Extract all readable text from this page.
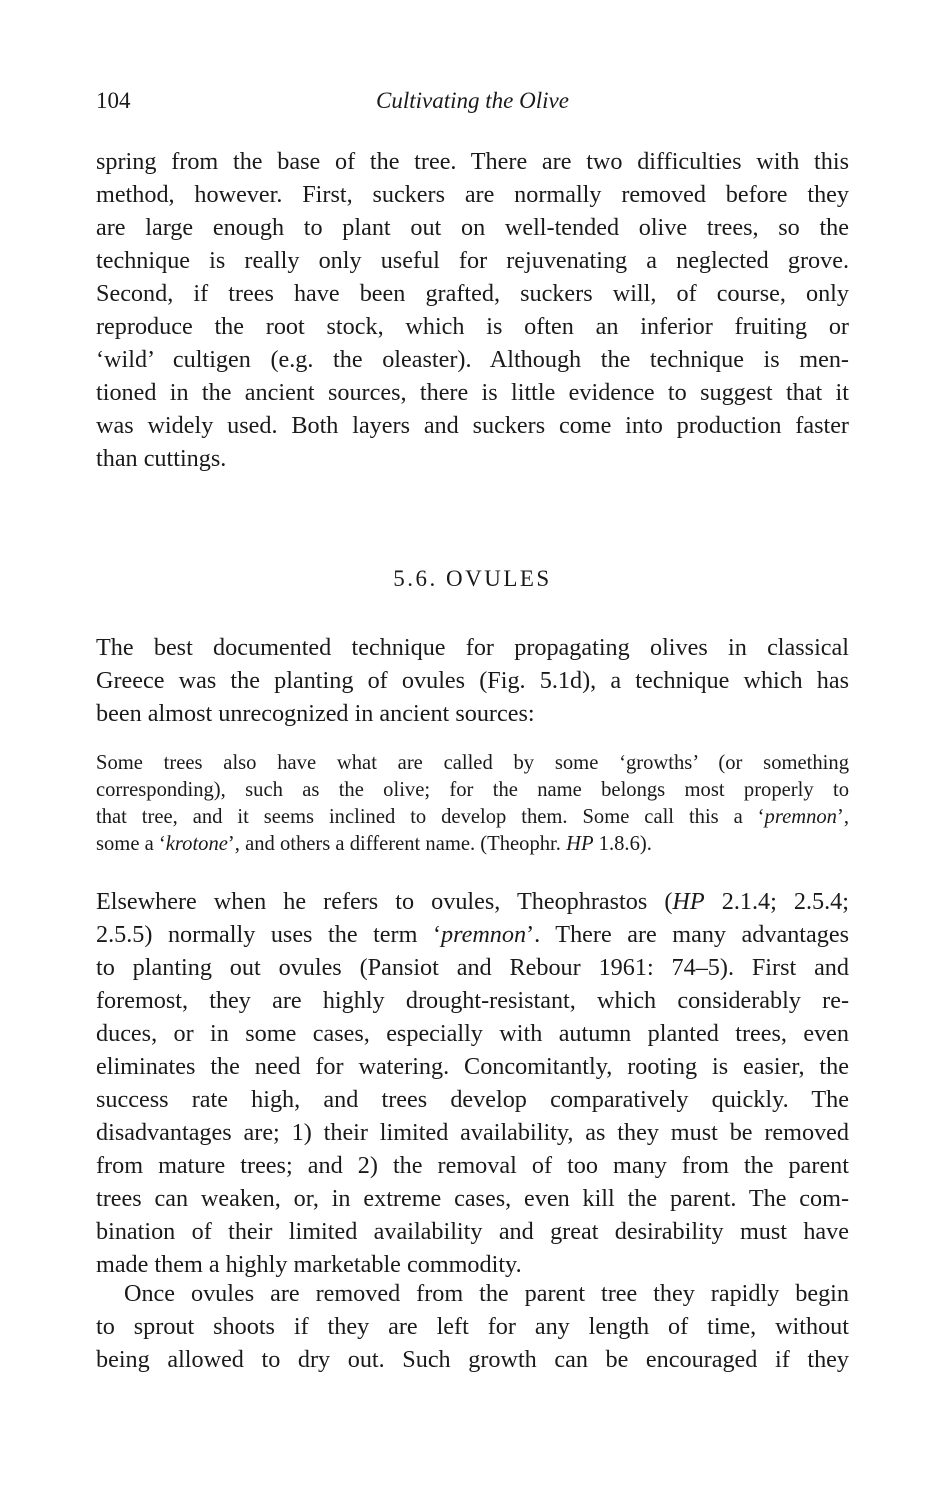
104	Cultivating the Olive
spring from the base of the tree. There are two difficulties with this
method, however. First, suckers are normally removed before they
are large enough to plant out on well-tended olive trees, so the
technique is really only useful for rejuvenating a neglected grove.
Second, if trees have been grafted, suckers will, of course, only
reproduce the root stock, which is often an inferior fruiting or
‘wild’ cultigen (e.g. the oleaster). Although the technique is men-
tioned in the ancient sources, there is little evidence to suggest that it
was widely used. Both layers and suckers come into production faster
than cuttings.
5.6. OVULES
The best documented technique for propagating olives in classical
Greece was the planting of ovules (Fig. 5.1d), a technique which has
been almost unrecognized in ancient sources:
Some trees also have what are called by some ‘growths’ (or something
corresponding), such as the olive; for the name belongs most properly to
that tree, and it seems inclined to develop them. Some call this a ‘premnon’,
some a ‘krotone’, and others a different name. (Theophr. HP 1.8.6).
Elsewhere when he refers to ovules, Theophrastos (HP 2.1.4; 2.5.4;
2.5.5) normally uses the term ‘premnon’. There are many advantages
to planting out ovules (Pansiot and Rebour 1961: 74–5). First and
foremost, they are highly drought-resistant, which considerably re-
duces, or in some cases, especially with autumn planted trees, even
eliminates the need for watering. Concomitantly, rooting is easier, the
success rate high, and trees develop comparatively quickly. The
disadvantages are; 1) their limited availability, as they must be removed
from mature trees; and 2) the removal of too many from the parent
trees can weaken, or, in extreme cases, even kill the parent. The com-
bination of their limited availability and great desirability must have
made them a highly marketable commodity.
Once ovules are removed from the parent tree they rapidly begin
to sprout shoots if they are left for any length of time, without
being allowed to dry out. Such growth can be encouraged if they
